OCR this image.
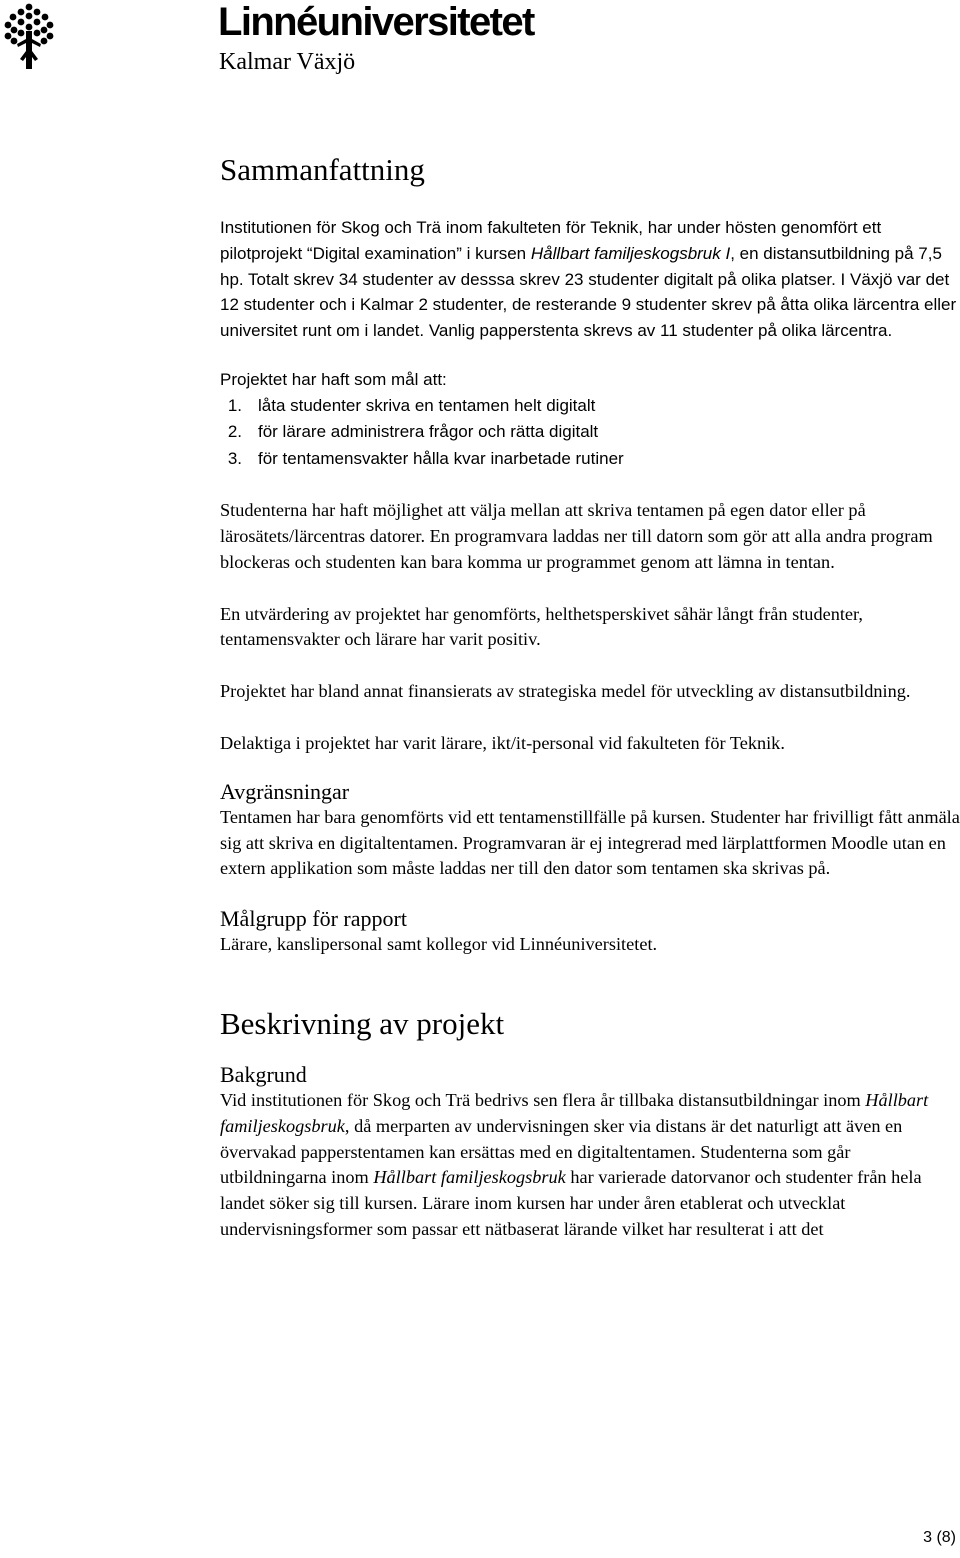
Linnéuniversitetet
Kalmar Växjö
Sammanfattning

Institutionen för Skog och Trä inom fakulteten för Teknik, har under hösten genomfört ett pilotprojekt “Digital examination” i kursen Hållbart familjeskogsbruk I, en distansutbildning på 7,5 hp. Totalt skrev 34 studenter av desssa skrev 23 studenter digitalt på olika platser. I Växjö var det 12 studenter och i Kalmar 2 studenter, de resterande 9 studenter skrev på åtta olika lärcentra eller universitet runt om i landet. Vanlig papperstenta skrevs av 11 studenter på olika lärcentra.

Projektet har haft som mål att:

1. låta studenter skriva en tentamen helt digitalt
2. för lärare administrera frågor och rätta digitalt
3. för tentamensvakter hålla kvar inarbetade rutiner

Studenterna har haft möjlighet att välja mellan att skriva tentamen på egen dator eller på lärosätets/lärcentras datorer. En programvara laddas ner till datorn som gör att alla andra program blockeras och studenten kan bara komma ur programmet genom att lämna in tentan.

En utvärdering av projektet har genomförts, helthetsperskivet såhär långt från studenter, tentamensvakter och lärare har varit positiv.

Projektet har bland annat finansierats av strategiska medel för utveckling av distansutbildning.

Delaktiga i projektet har varit lärare, ikt/it-personal vid fakulteten för Teknik.

Avgränsningar

Tentamen har bara genomförts vid ett tentamenstillfälle på kursen. Studenter har frivilligt fått anmäla sig att skriva en digitaltentamen. Programvaran är ej integrerad med lärplattformen Moodle utan en extern applikation som måste laddas ner till den dator som tentamen ska skrivas på.

Målgrupp för rapport

Lärare, kanslipersonal samt kollegor vid Linnéuniversitetet.

Beskrivning av projekt
Bakgrund

Vid institutionen för Skog och Trä bedrivs sen flera år tillbaka distansutbildningar inom Hållbart familjeskogsbruk, då merparten av undervisningen sker via distans är det naturligt att även en övervakad papperstentamen kan ersättas med en digitaltentamen. Studenterna som går utbildningarna inom Hållbart familjeskogsbruk har varierade datorvanor och studenter från hela landet söker sig till kursen. Lärare inom kursen har under åren etablerat och utvecklat undervisningsformer som passar ett nätbaserat lärande vilket har resulterat i att det

3 (8)
